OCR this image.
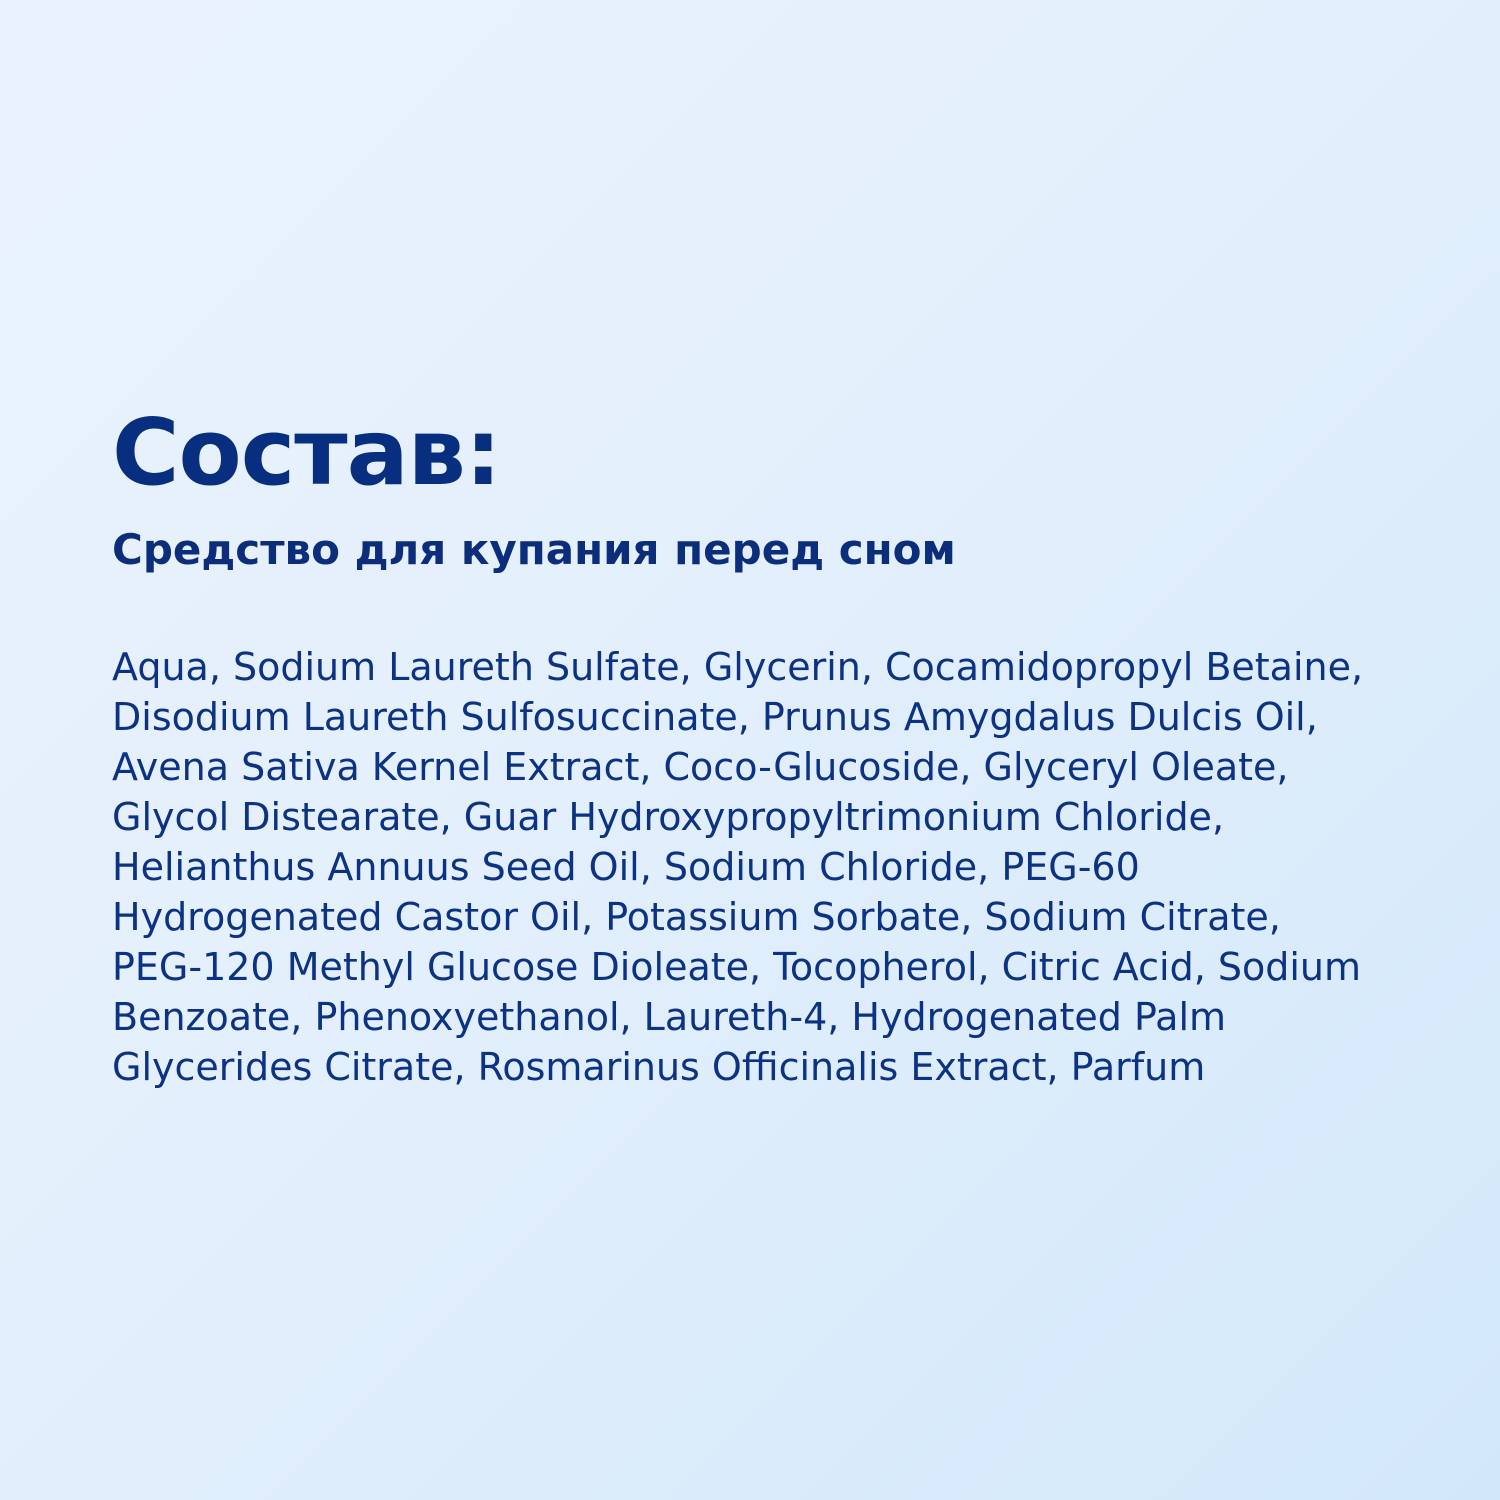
Состав:
Средство для купания перед сном

Aqua, Sodium Laureth Sulfate, Glycerin, Cocamidopropyl Betaine, Disodium Laureth Sulfosuccinate, Prunus Amygdalus Dulcis Oil, Avena Sativa Kernel Extract, Coco-Glucoside, Glyceryl Oleate, Glycol Distearate, Guar Hydroxypropyltrimonium Chloride, Helianthus Annuus Seed Oil, Sodium Chloride, PEG-60 Hydrogenated Castor Oil, Potassium Sorbate, Sodium Citrate, PEG-120 Methyl Glucose Dioleate, Tocopherol, Citric Acid, Sodium Benzoate, Phenoxyethanol, Laureth-4, Hydrogenated Palm Glycerides Citrate, Rosmarinus Officinalis Extract, Parfum
